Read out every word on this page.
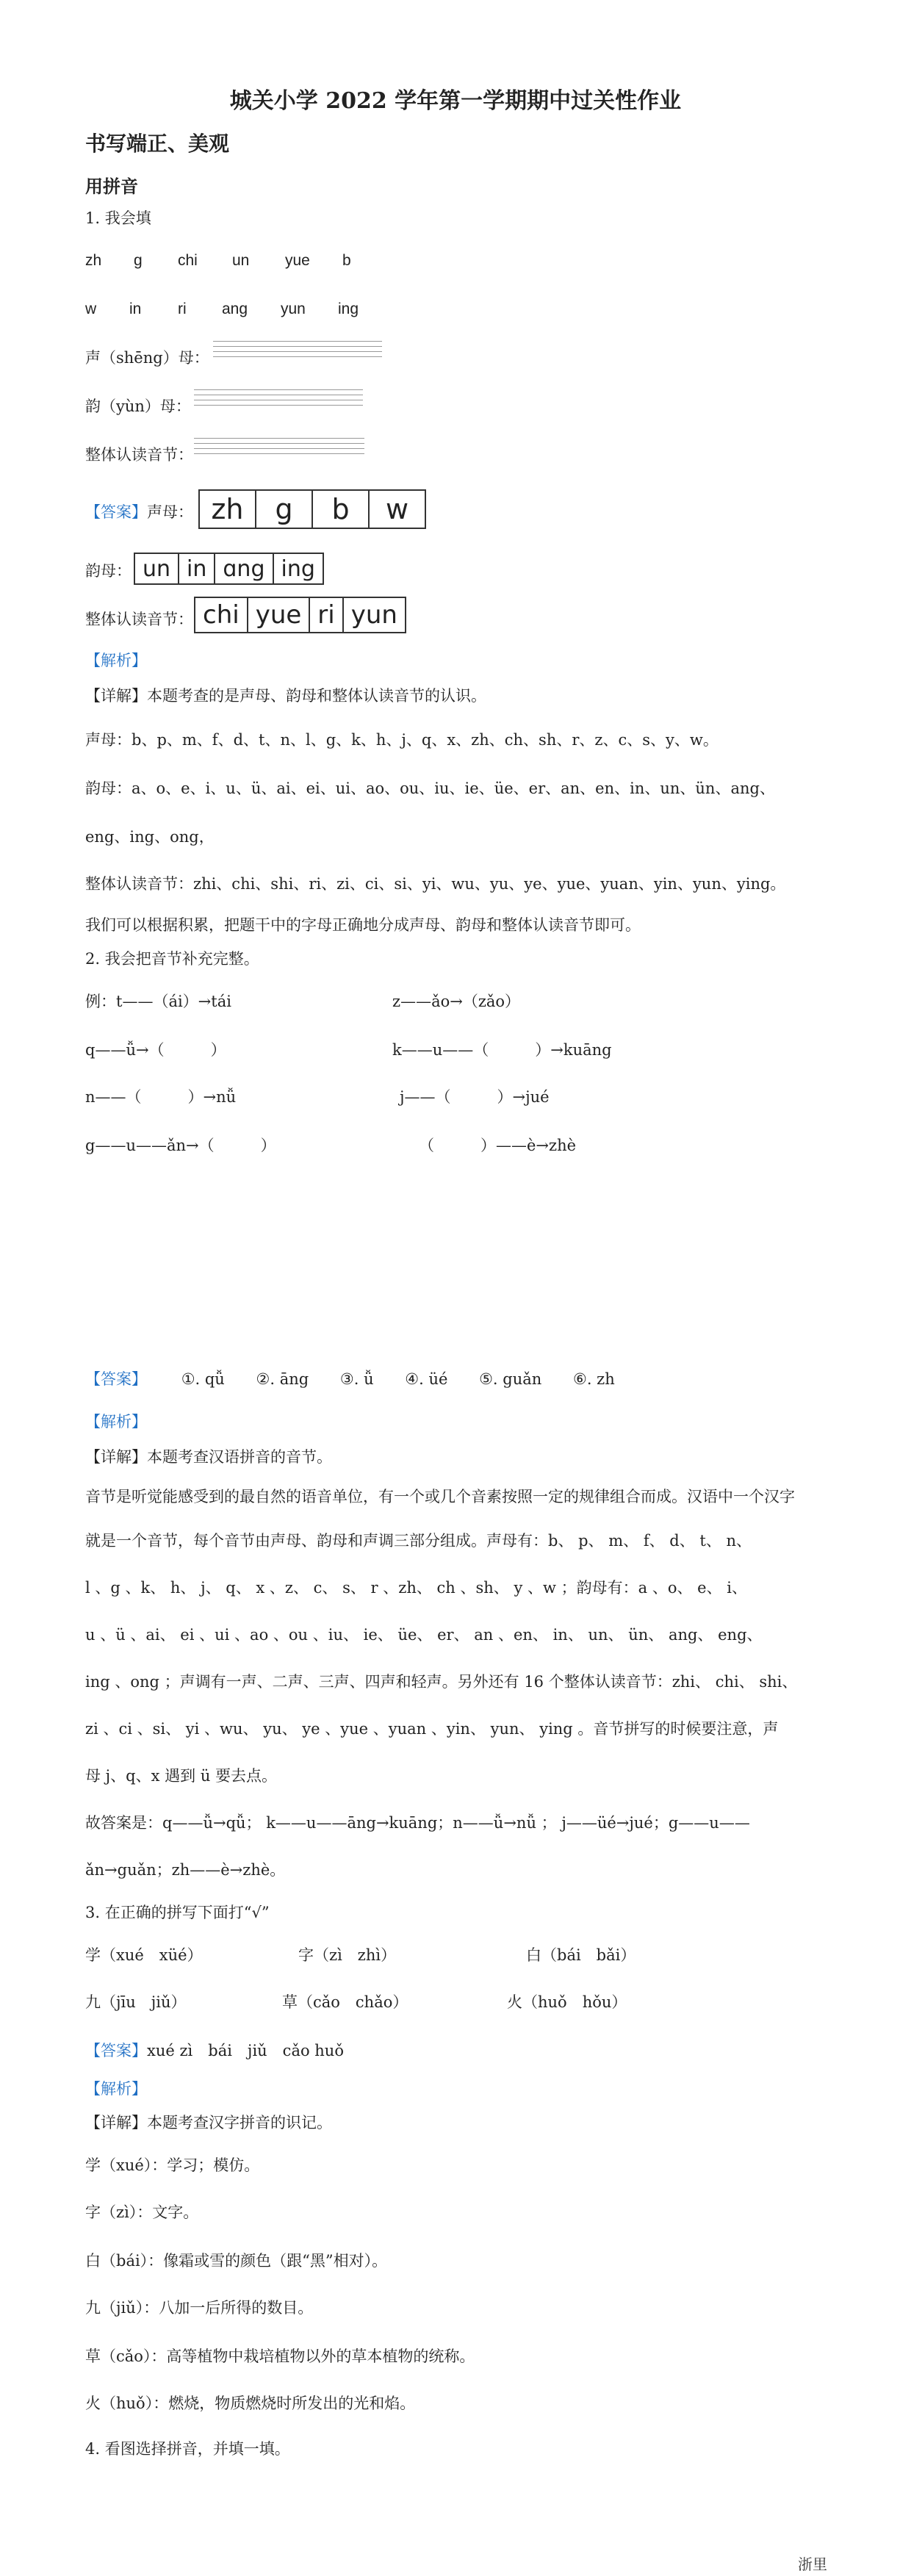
城关小学 2022 学年第一学期期中过关性作业
书写端正、美观
用拼音
1. 我会填
zh g chi un yue b
w in ri ang yun ing
声（shēng）母：
韵（yùn）母：
整体认读音节：
【答案】声母： zh	g	b	w
韵母： un	in	ɑng	ing
整体认读音节： chi	yue	ri	yun
【解析】
【详解】本题考查的是声母、韵母和整体认读音节的认识。
声母：b、p、m、f、d、t、n、l、g、k、h、j、q、x、zh、ch、sh、r、z、c、s、y、w。
韵母：a、o、e、i、u、ü、ai、ei、ui、ao、ou、iu、ie、üe、er、an、en、in、un、ün、ang、
eng、ing、ong，
整体认读音节：zhi、chi、shi、ri、zi、ci、si、yi、wu、yu、ye、yue、yuan、yin、yun、ying。
我们可以根据积累，把题干中的字母正确地分成声母、韵母和整体认读音节即可。
2. 我会把音节补充完整。
例：t——（ái）→tái	z——ǎo→（zǎo）
q——ǚ→（　　　）	k——u——（　　　）→kuāng
n——（　　　）→nǚ	j——（　　　）→jué
g——u——ǎn→（　　　）	（　　　）——è→zhè
【答案】 ①. qǚ ②. āng ③. ǚ ④. üé ⑤. guǎn ⑥. zh
【解析】
【详解】本题考查汉语拼音的音节。
音节是听觉能感受到的最自然的语音单位，有一个或几个音素按照一定的规律组合而成。汉语中一个汉字
就是一个音节，每个音节由声母、韵母和声调三部分组成。声母有：b、 p、 m、 f、 d、 t、 n、
l 、g 、k、 h、 j、 q、 x 、z、 c、 s、 r 、zh、 ch 、sh、 y 、w ；韵母有：a 、o、 e、 i、
u 、ü 、ai、 ei 、ui 、ao 、ou 、iu、 ie、 üe、 er、 an 、en、 in、 un、 ün、 ang、 eng、
ing 、ong ；声调有一声、二声、三声、四声和轻声。另外还有 16 个整体认读音节：zhi、 chi、 shi、
zi 、ci 、si、 yi 、wu、 yu、 ye 、yue 、yuan 、yin、 yun、 ying 。音节拼写的时候要注意，声
母 j、q、x 遇到 ü 要去点。
故答案是：q——ǚ→qǚ； k——u——āng→kuāng；n——ǚ→nǚ ； j——üé→jué；g——u——
ǎn→guǎn；zh——è→zhè。
3. 在正确的拼写下面打“√”
学（xué　xüé）	字（zì　zhì）	白（bái　bǎi）
九（jīu　jiǔ）	草（cǎo　chǎo）	火（huǒ　hǒu）
【答案】xué zì　bái　jiǔ　cǎo huǒ
【解析】
【详解】本题考查汉字拼音的识记。
学（xué）：学习；模仿。
字（zì）：文字。
白（bái）：像霜或雪的颜色（跟“黑”相对）。
九（jiǔ）：八加一后所得的数目。
草（cǎo）：高等植物中栽培植物以外的草本植物的统称。
火（huǒ）：燃烧，物质燃烧时所发出的光和焰。
4. 看图选择拼音，并填一填。
浙里
